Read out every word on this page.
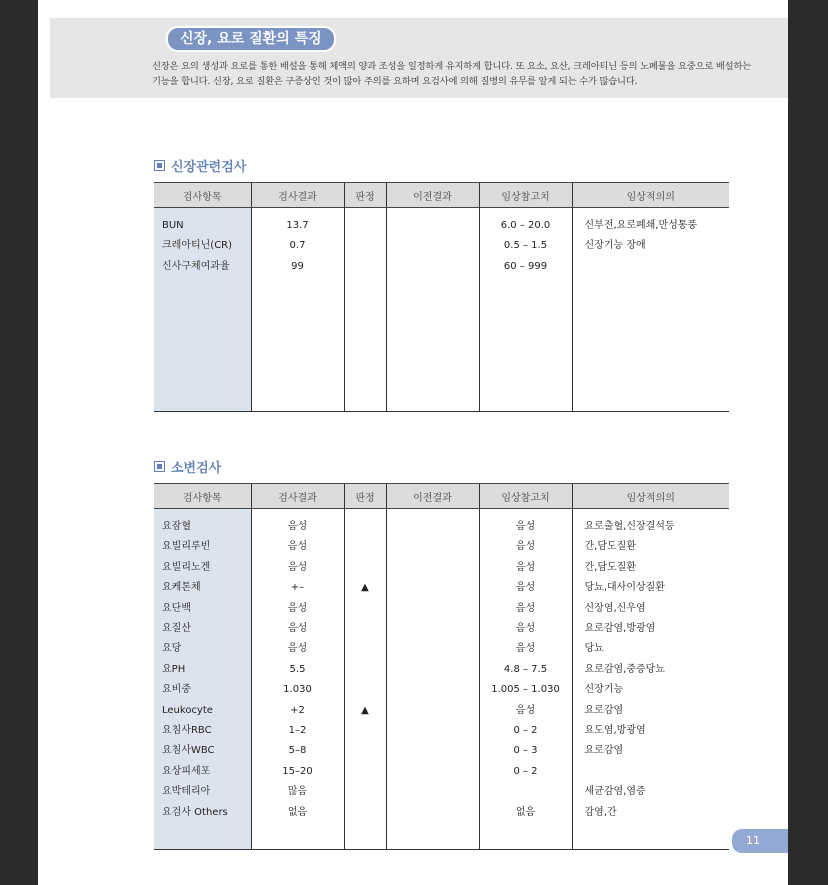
신장, 요로 질환의 특징
신장은 요의 생성과 요로를 통한 배설을 통해 체액의 양과 조성을 일정하게 유지하게 합니다. 또 요소, 요산, 크레아티닌 등의 노폐물을 요중으로 배설하는 기능을 합니다. 신장, 요로 질환은 구증상인 것이 많아 주의를 요하며 요검사에 의해 질병의 유무를 알게 되는 수가 많습니다.
신장관련검사
검사항목	검사결과	판정	이전결과	임상참고치	임상적의의

BUN	13.7			6.0 – 20.0	신부전,요로폐쇄,만성통풍
크레아티닌(CR)	0.7			0.5 – 1.5	신장기능 장애
신사구체여과율	99			60 – 999	

소변검사
검사항목	검사결과	판정	이전결과	임상참고치	임상적의의

요잠혈	음성			음성	요로출혈,신장결석등
요빌리루빈	음성			음성	간,담도질환
요빌리노겐	음성			음성	간,담도질환
요케톤체	+–	▲		음성	당뇨,대사이상질환
요단백	음성			음성	신장염,신우염
요질산	음성			음성	요로감염,방광염
요당	음성			음성	당뇨
요PH	5.5			4.8 – 7.5	요로감염,중증당뇨
요비중	1.030			1.005 – 1.030	신장기능
Leukocyte	+2	▲		음성	요로감염
요침사RBC	1–2			0 – 2	요도염,방광염
요침사WBC	5–8			0 – 3	요로감염
요상피세포	15–20			0 – 2	
요박테리아	많음				세균감염,염증
요검사 Others	없음			없음	감염,간

11
